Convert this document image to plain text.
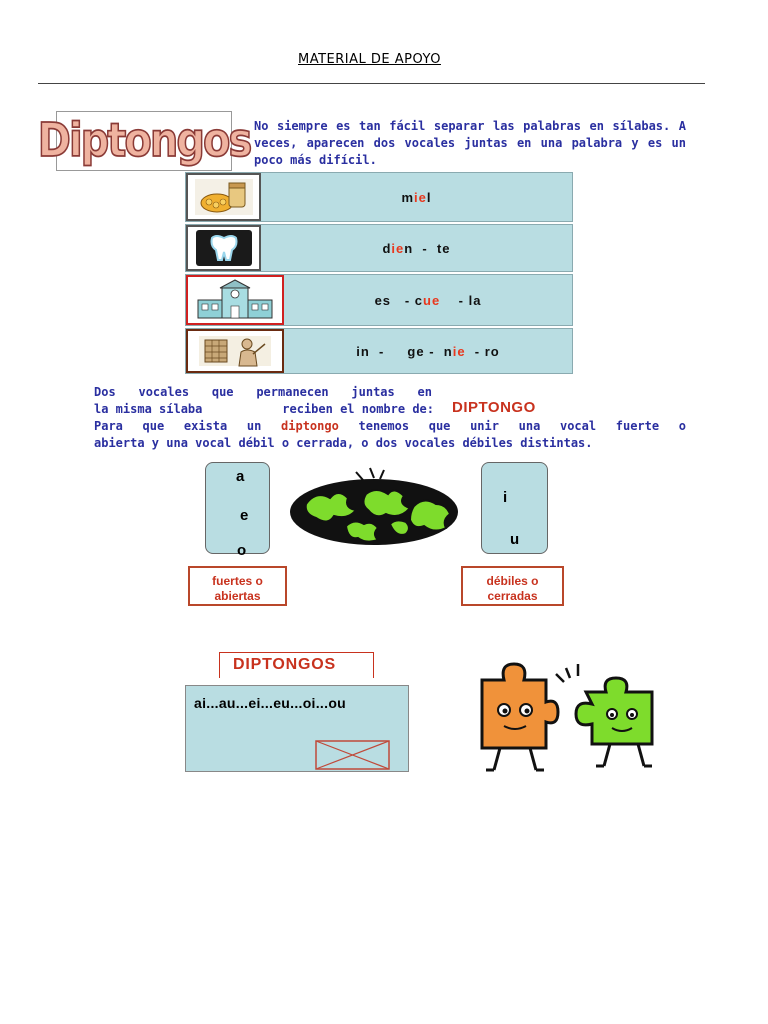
MATERIAL DE APOYO
Diptongos No siempre es tan fácil separar las palabras en sílabas. A veces, aparecen dos vocales juntas en una palabra y es un poco más difícil.
miel
dien  -  te
es   - cue    - la
in  -     ge -  nie  - ro
Dos vocales que permanecen juntas en
la misma sílaba	reciben el nombre de:
Para que exista un diptongo tenemos que unir una vocal fuerte o
abierta y una vocal débil o cerrada, o dos vocales débiles distintas.
DIPTONGO
a
e
o
fuertes o abiertas
i
u
débiles o cerradas
DIPTONGOS
ai...au...ei...eu...oi...ou
